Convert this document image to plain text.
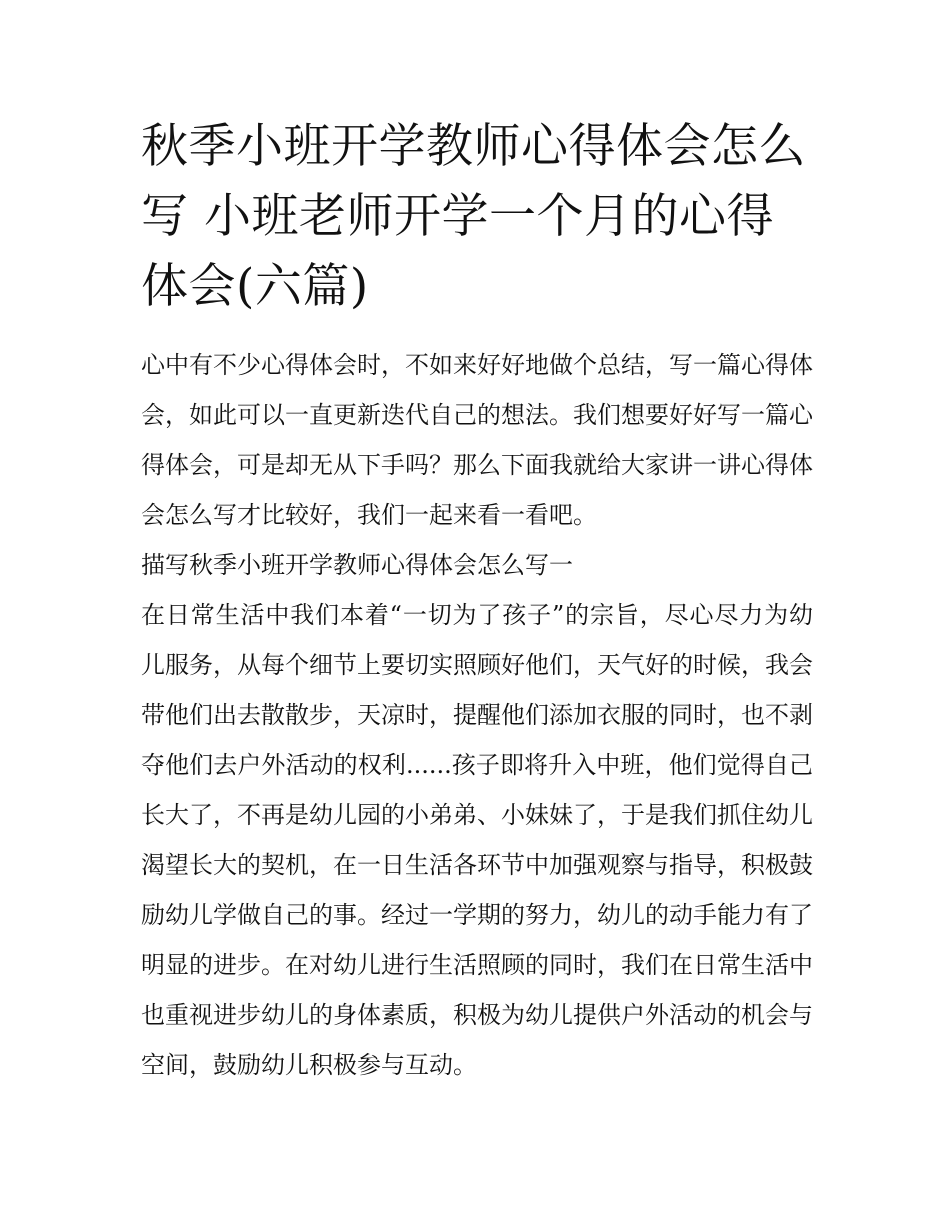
秋季小班开学教师心得体会怎么写 小班老师开学一个月的心得体会(六篇)

心中有不少心得体会时，不如来好好地做个总结，写一篇心得体会，如此可以一直更新迭代自己的想法。我们想要好好写一篇心得体会，可是却无从下手吗？那么下面我就给大家讲一讲心得体会怎么写才比较好，我们一起来看一看吧。

描写秋季小班开学教师心得体会怎么写一

在日常生活中我们本着“一切为了孩子”的宗旨，尽心尽力为幼儿服务，从每个细节上要切实照顾好他们，天气好的时候，我会带他们出去散散步，天凉时，提醒他们添加衣服的同时，也不剥夺他们去户外活动的权利......孩子即将升入中班，他们觉得自己长大了，不再是幼儿园的小弟弟、小妹妹了，于是我们抓住幼儿渴望长大的契机，在一日生活各环节中加强观察与指导，积极鼓励幼儿学做自己的事。经过一学期的努力，幼儿的动手能力有了明显的进步。在对幼儿进行生活照顾的同时，我们在日常生活中也重视进步幼儿的身体素质，积极为幼儿提供户外活动的机会与空间，鼓励幼儿积极参与互动。
